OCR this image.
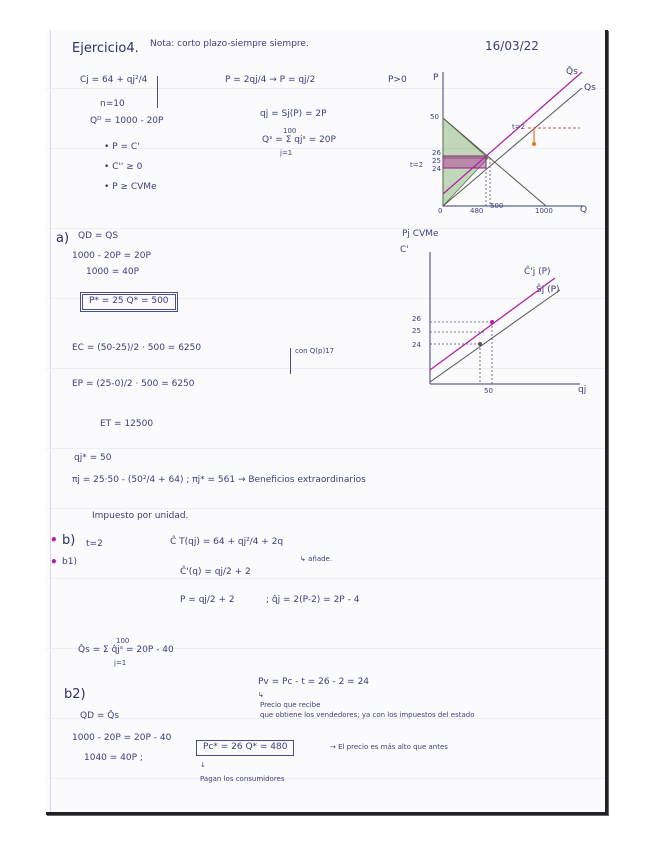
Ejercicio4. Nota: corto plazo-siempre siempre.	16/03/22
Cj = 64 + qj²/4
n=10
Qᴰ = 1000 - 20P
• P = C'
• C'' ≥ 0
• P ≥ CVMe
P = 2qj/4 → P = qj/2	P>0
qj = Sj(P) = 2P
100
Qˢ = Σ qjˢ = 20P
j=1
P
Q
Q̂s
Qs
50
26
25
24
t=2
0	480
500
1000
t=2
Pj CVMe
C'
Ĉ'j (P)
Ŝj (P)
26
25
24
50	qj
a) QD = QS
1000 - 20P = 20P
1000 = 40P
P* = 25 Q* = 500
EC = (50-25)/2 · 500 = 6250	con Q(p)17
EP = (25-0)/2 · 500 = 6250
ET = 12500
qj* = 50
πj = 25·50 - (50²/4 + 64) ; πj* = 561 → Beneficios extraordinarios
Impuesto por unidad.
• b) t=2
• b1)
Ĉ T(qj) = 64 + qj²/4 + 2q
↳ añade.
Ĉ'(q) = qj/2 + 2
P = qj/2 + 2	; q̂j = 2(P-2) = 2P - 4
100
Q̂s = Σ q̂jˢ = 20P - 40
j=1
b2)
Pv = Pc - t = 26 - 2 = 24
↳
Precio que recibe
que obtiene los vendedores; ya con los impuestos del estado
QD = Q̂s
1000 - 20P = 20P - 40
1040 = 40P ;
Pc* = 26 Q* = 480	→ El precio es más alto que antes
↓
Pagan los consumidores
